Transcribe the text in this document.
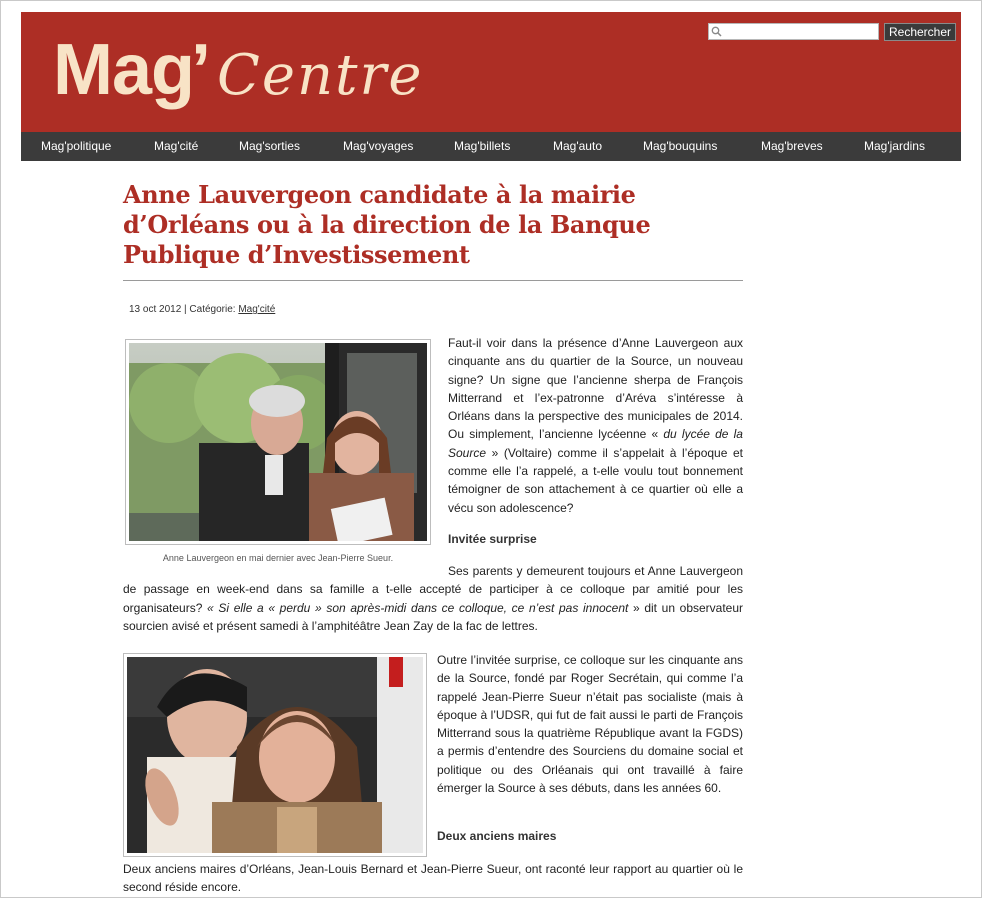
Mag
’ Centre
Rechercher
Mag'politique	Mag'cité	Mag'sorties	Mag'voyages	Mag'billets	Mag'auto	Mag'bouquins	Mag'breves	Mag'jardins
Anne Lauvergeon candidate à la mairie d’Orléans ou à la direction de la Banque Publique d’Investissement
13 oct 2012 | Catégorie: Mag'cité
Anne Lauvergeon en mai dernier avec Jean-Pierre Sueur.

Faut-il voir dans la présence d’Anne Lauvergeon aux cinquante ans du quartier de la Source, un nouveau signe? Un signe que l’ancienne sherpa de François Mitterrand et l’ex-patronne d’Aréva s’intéresse à Orléans dans la perspective des municipales de 2014. Ou simplement, l’ancienne lycéenne « du lycée de la Source » (Voltaire) comme il s’appelait à l’époque et comme elle l’a rappelé, a t-elle voulu tout bonnement témoigner de son attachement à ce quartier où elle a vécu son adolescence?

Invitée surprise

Ses parents y demeurent toujours et Anne Lauvergeon de passage en week-end dans sa famille a t-elle accepté de participer à ce colloque par amitié pour les organisateurs? « Si elle a « perdu » son après-midi dans ce colloque, ce n’est pas innocent » dit un observateur sourcien avisé et présent samedi à l’amphitéâtre Jean Zay de la fac de lettres.

Outre l’invitée surprise, ce colloque sur les cinquante ans de la Source, fondé par Roger Secrétain, qui comme l’a rappelé Jean-Pierre Sueur n’était pas socialiste (mais à époque à l’UDSR, qui fut de fait aussi le parti de François Mitterrand sous la quatrième République avant la FGDS) a permis d’entendre des Sourciens du domaine social et politique ou des Orléanais qui ont travaillé à faire émerger la Source à ses débuts, dans les années 60.

Deux anciens maires

Deux anciens maires d’Orléans, Jean-Louis Bernard et Jean-Pierre Sueur, ont raconté leur rapport au quartier où le second réside encore.
